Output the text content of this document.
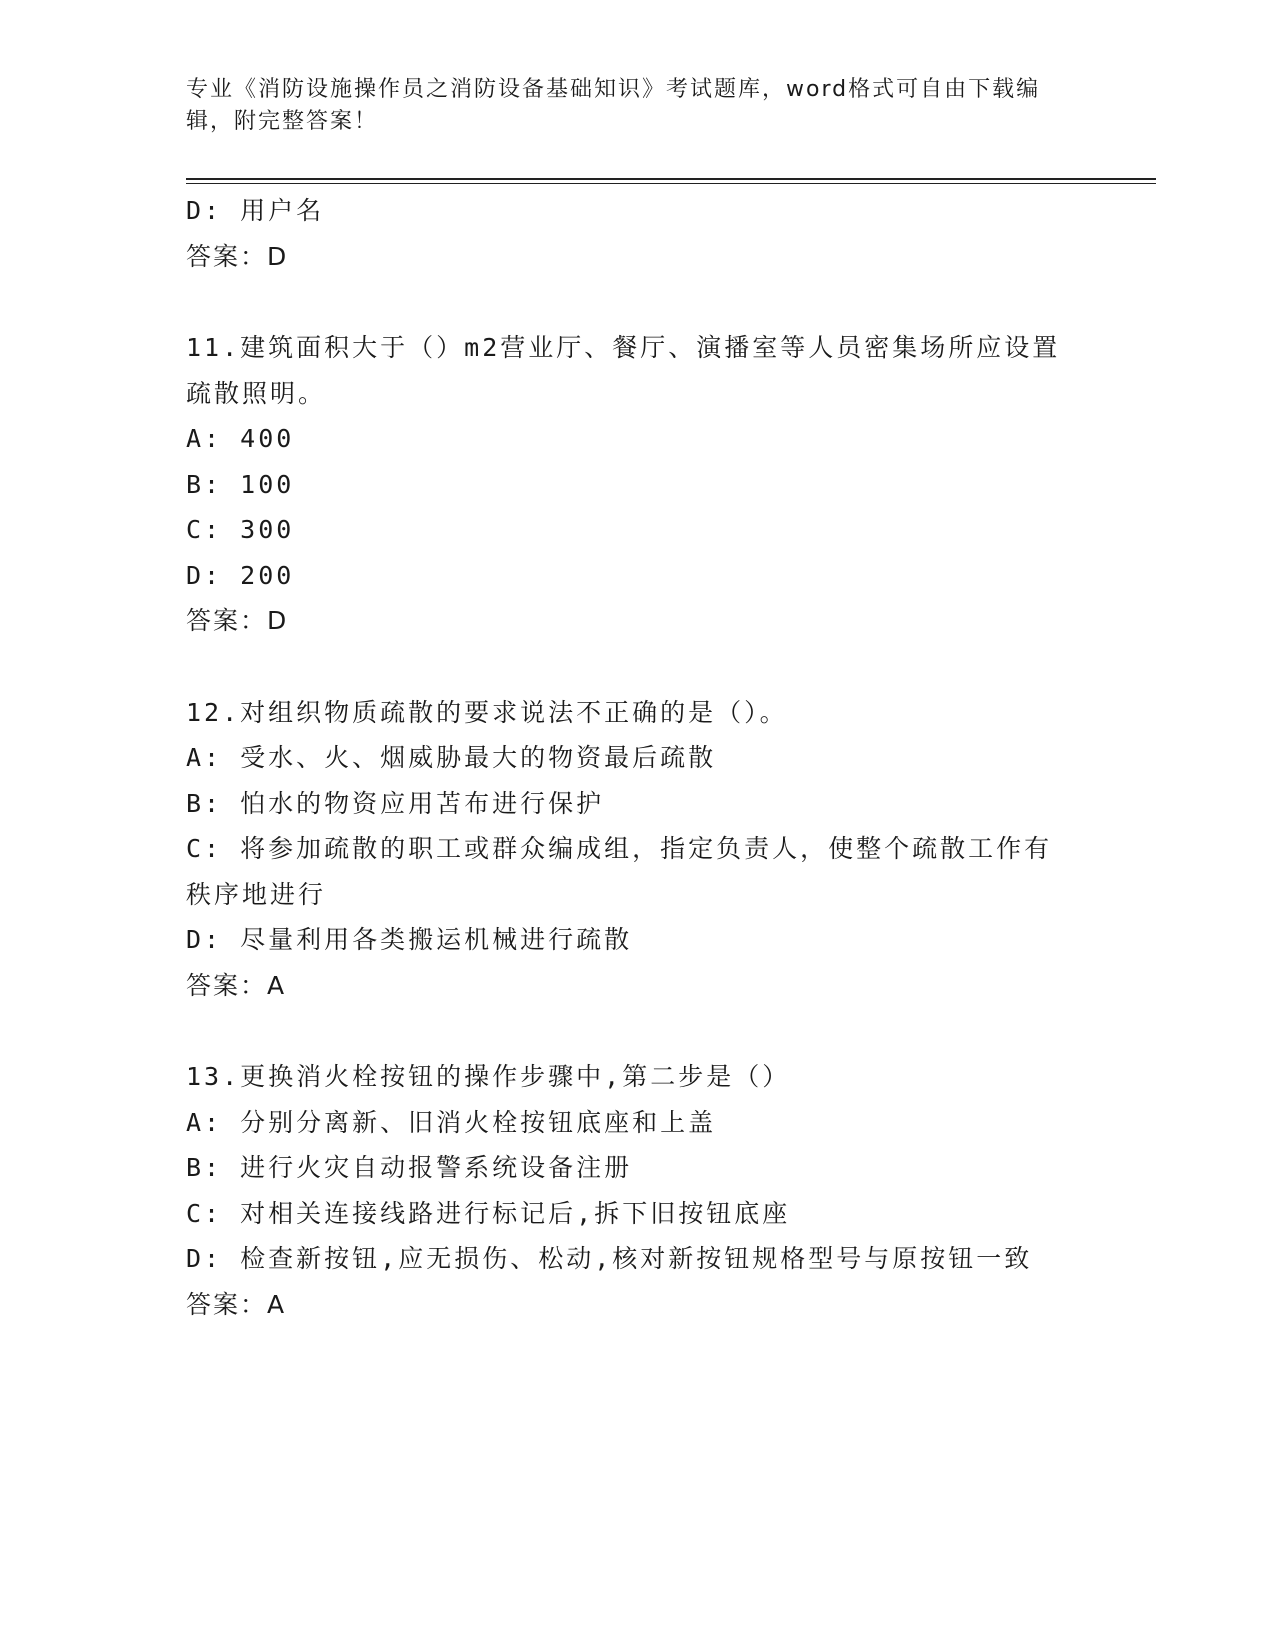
专业《消防设施操作员之消防设备基础知识》考试题库，word格式可自由下载编辑，附完整答案！
D: 用户名
答案：D
11.建筑面积大于（）m2营业厅、餐厅、演播室等人员密集场所应设置
疏散照明。
A: 400
B: 100
C: 300
D: 200
答案：D
12.对组织物质疏散的要求说法不正确的是（）。
A: 受水、火、烟威胁最大的物资最后疏散
B: 怕水的物资应用苫布进行保护
C: 将参加疏散的职工或群众编成组，指定负责人，使整个疏散工作有
秩序地进行
D: 尽量利用各类搬运机械进行疏散
答案：A
13.更换消火栓按钮的操作步骤中,第二步是（）
A: 分别分离新、旧消火栓按钮底座和上盖
B: 进行火灾自动报警系统设备注册
C: 对相关连接线路进行标记后,拆下旧按钮底座
D: 检查新按钮,应无损伤、松动,核对新按钮规格型号与原按钮一致
答案：A
